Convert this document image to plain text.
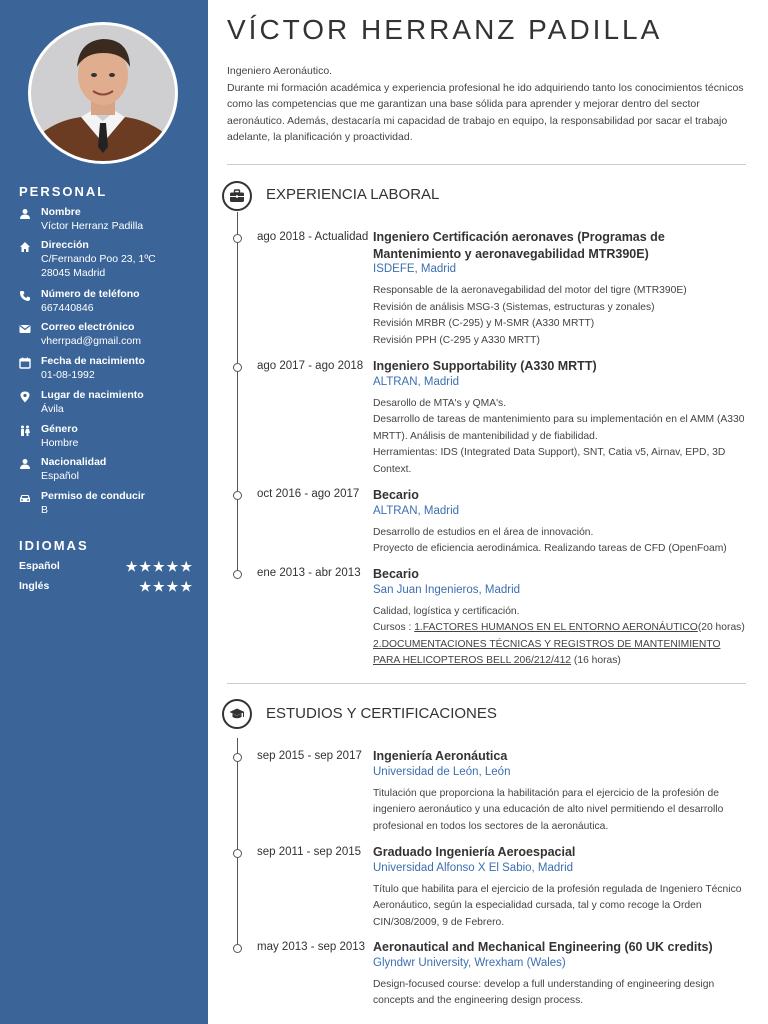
PERSONAL
Nombre
Víctor Herranz Padilla
Dirección
C/Fernando Poo 23, 1ºC 28045 Madrid
Número de teléfono
667440846
Correo electrónico
vherrpad@gmail.com
Fecha de nacimiento
01-08-1992
Lugar de nacimiento
Ávila
Género
Hombre
Nacionalidad
Español
Permiso de conducir
B
IDIOMAS
Español	★★★★★
Inglés	★★★★
VÍCTOR HERRANZ PADILLA
Ingeniero Aeronáutico.
Durante mi formación académica y experiencia profesional he ido adquiriendo tanto los conocimientos técnicos como las competencias que me garantizan una base sólida para aprender y mejorar dentro del sector aeronáutico. Además, destacaría mi capacidad de trabajo en equipo, la responsabilidad por sacar el trabajo adelante, la planificación y proactividad.
EXPERIENCIA LABORAL
ago 2018 - Actualidad Ingeniero Certificación aeronaves (Programas de Mantenimiento y aeronavegabilidad MTR390E)
ISDEFE, Madrid
Responsable de la aeronavegabilidad del motor del tigre (MTR390E)
Revisión de análisis MSG-3 (Sistemas, estructuras y zonales)
Revisión MRBR (C-295) y M-SMR (A330 MRTT)
Revisión PPH (C-295 y A330 MRTT)
ago 2017 - ago 2018 Ingeniero Supportability (A330 MRTT)
ALTRAN, Madrid
Desarollo de MTA's y QMA's.
Desarrollo de tareas de mantenimiento para su implementación en el AMM (A330 MRTT). Análisis de mantenibilidad y de fiabilidad.
Herramientas: IDS (Integrated Data Support), SNT, Catia v5, Airnav, EPD, 3D Context.
oct 2016 - ago 2017 Becario
ALTRAN, Madrid
Desarrollo de estudios en el área de innovación.
Proyecto de eficiencia aerodinámica. Realizando tareas de CFD (OpenFoam)
ene 2013 - abr 2013 Becario
San Juan Ingenieros, Madrid
Calidad, logística y certificación.
Cursos : 1.FACTORES HUMANOS EN EL ENTORNO AERONÁUTICO(20 horas)
2.DOCUMENTACIONES TÉCNICAS Y REGISTROS DE MANTENIMIENTO PARA HELICOPTEROS BELL 206/212/412 (16 horas)
ESTUDIOS Y CERTIFICACIONES
sep 2015 - sep 2017 Ingeniería Aeronáutica
Universidad de León, León
Titulación que proporciona la habilitación para el ejercicio de la profesión de ingeniero aeronáutico y una educación de alto nivel permitiendo el desarrollo profesional en todos los sectores de la aeronáutica.
sep 2011 - sep 2015 Graduado Ingeniería Aeroespacial
Universidad Alfonso X El Sabio, Madrid
Título que habilita para el ejercicio de la profesión regulada de Ingeniero Técnico Aeronáutico, según la especialidad cursada, tal y como recoge la Orden CIN/308/2009, 9 de Febrero.
may 2013 - sep 2013 Aeronautical and Mechanical Engineering (60 UK credits)
Glyndwr University, Wrexham (Wales)
Design-focused course: develop a full understanding of engineering design concepts and the engineering design process.
